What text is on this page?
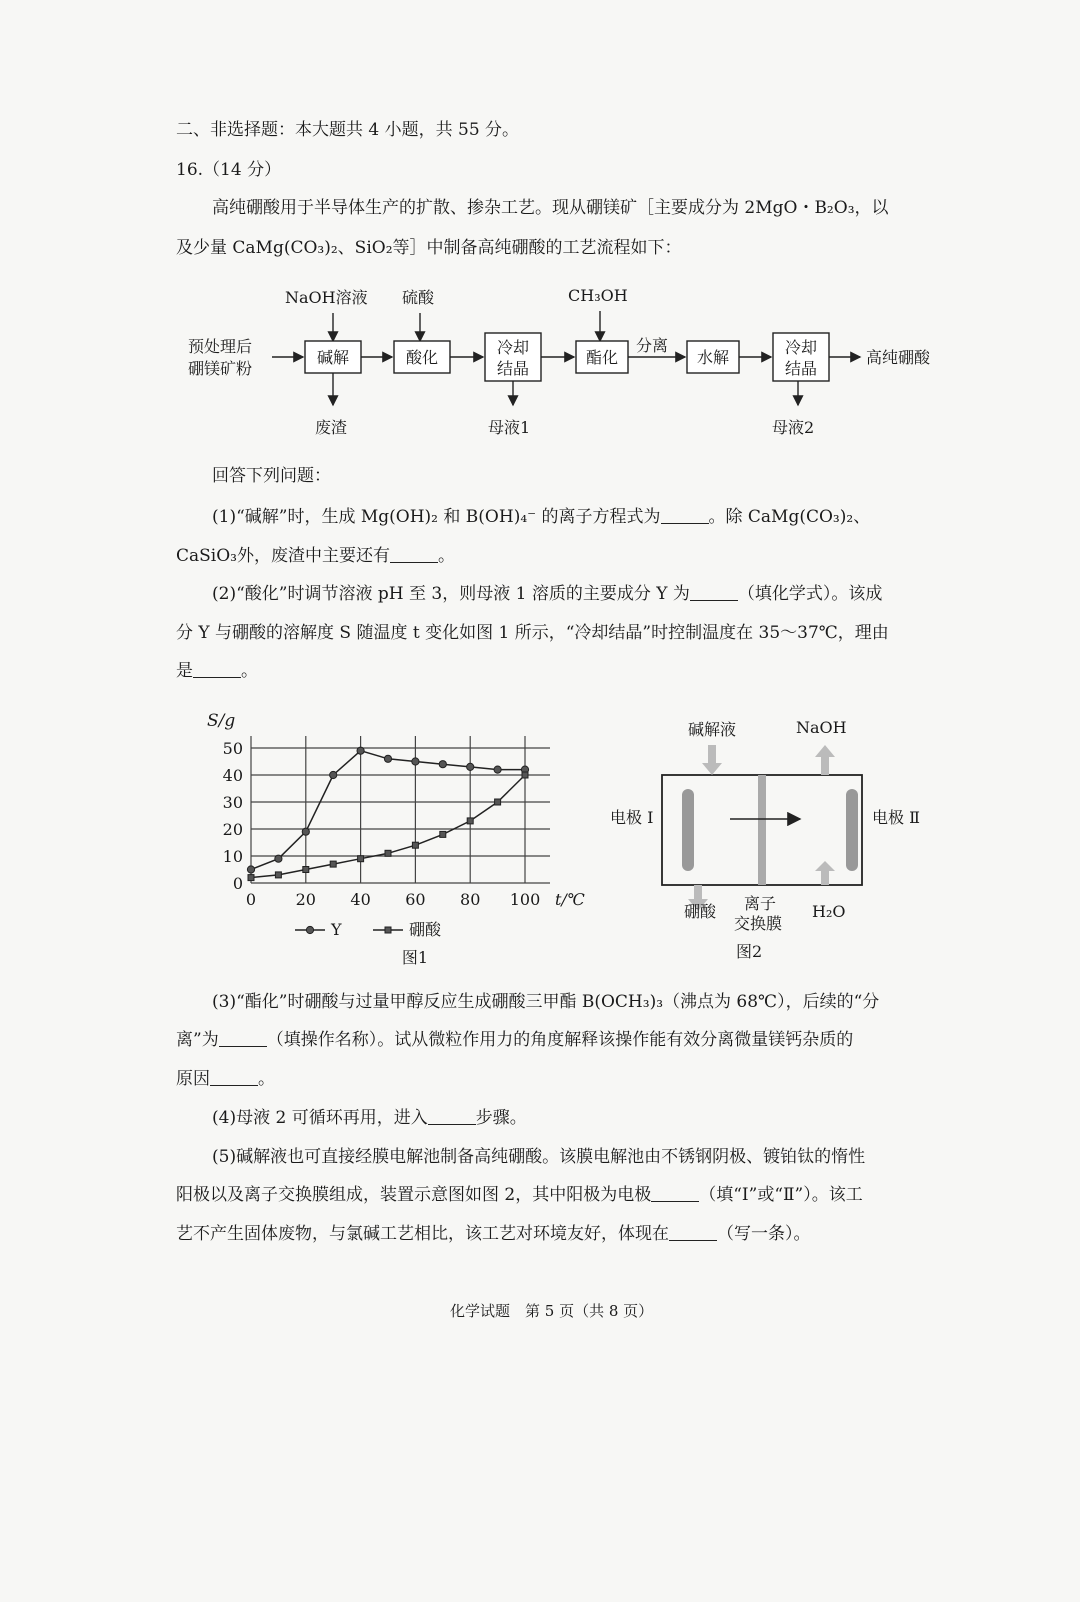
二、非选择题：本大题共 4 小题，共 55 分。
16.（14 分）
高纯硼酸用于半导体生产的扩散、掺杂工艺。现从硼镁矿［主要成分为 2MgO・B₂O₃，以
及少量 CaMg(CO₃)₂、SiO₂等］中制备高纯硼酸的工艺流程如下：
预处理后
硼镁矿粉
NaOH溶液 硫酸	CH₃OH
碱解
废渣
酸化
冷却
结晶
母液1
酯化
分离
水解
冷却
结晶
母液2
高纯硼酸
回答下列问题：
(1)“碱解”时，生成 Mg(OH)₂ 和 B(OH)₄⁻ 的离子方程式为	。除 CaMg(CO₃)₂、
CaSiO₃外，废渣中主要还有	。
(2)“酸化”时调节溶液 pH 至 3，则母液 1 溶质的主要成分 Y 为	（填化学式）。该成
分 Y 与硼酸的溶解度 S 随温度 t 变化如图 1 所示，“冷却结晶”时控制温度在 35～37℃，理由
是	。
0 20 40 60 80 100
0
10
20
30
40
50
S/g
t/℃
Y	硼酸
图1
碱解液	NaOH
电极 Ⅰ	电极 Ⅱ
硼酸 离子
交换膜
H₂O
图2
(3)“酯化”时硼酸与过量甲醇反应生成硼酸三甲酯 B(OCH₃)₃（沸点为 68℃），后续的“分
离”为	（填操作名称）。试从微粒作用力的角度解释该操作能有效分离微量镁钙杂质的
原因	。
(4)母液 2 可循环再用，进入	步骤。
(5)碱解液也可直接经膜电解池制备高纯硼酸。该膜电解池由不锈钢阴极、镀铂钛的惰性
阳极以及离子交换膜组成，装置示意图如图 2，其中阳极为电极	（填“Ⅰ”或“Ⅱ”）。该工
艺不产生固体废物，与氯碱工艺相比，该工艺对环境友好，体现在	（写一条）。
化学试题　第 5 页（共 8 页）
